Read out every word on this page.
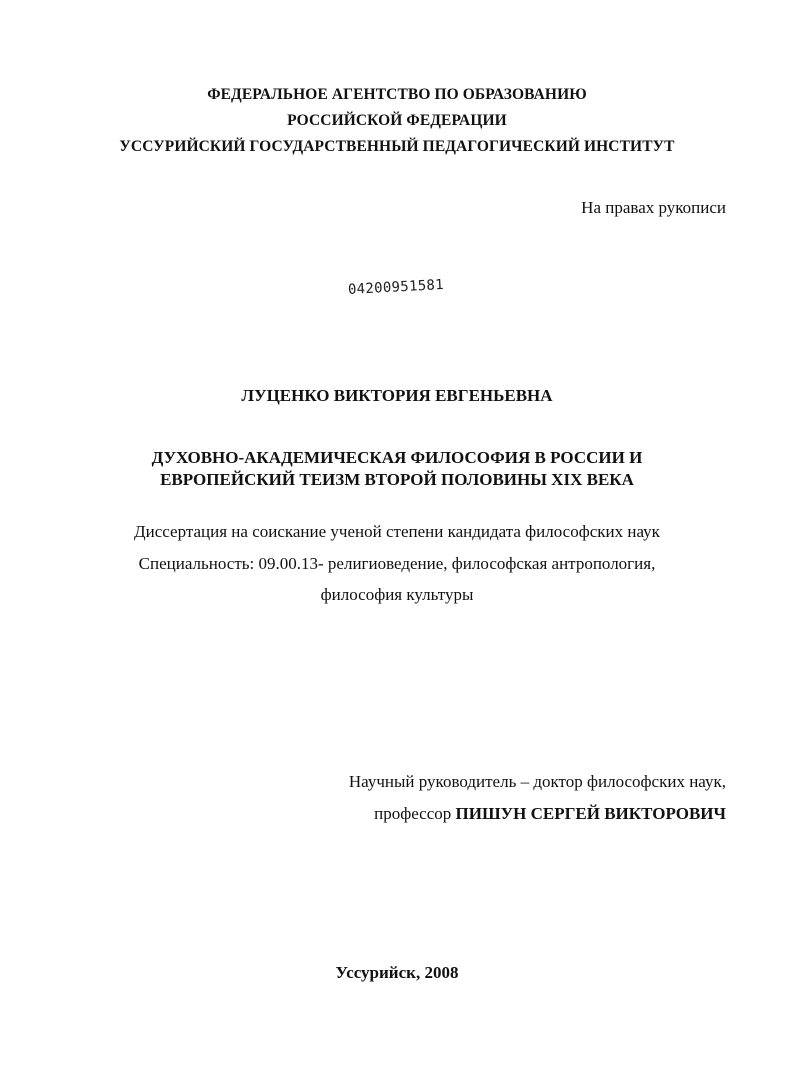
ФЕДЕРАЛЬНОЕ АГЕНТСТВО ПО ОБРАЗОВАНИЮ
РОССИЙСКОЙ ФЕДЕРАЦИИ
УССУРИЙСКИЙ ГОСУДАРСТВЕННЫЙ ПЕДАГОГИЧЕСКИЙ ИНСТИТУТ
На правах рукописи
04200951581
ЛУЦЕНКО ВИКТОРИЯ ЕВГЕНЬЕВНА
ДУХОВНО-АКАДЕМИЧЕСКАЯ ФИЛОСОФИЯ В РОССИИ И
ЕВРОПЕЙСКИЙ ТЕИЗМ ВТОРОЙ ПОЛОВИНЫ XIX ВЕКА
Диссертация на соискание ученой степени кандидата философских наук
Специальность: 09.00.13- религиоведение, философская антропология,
философия культуры
Научный руководитель – доктор философских наук,
профессор ПИШУН СЕРГЕЙ ВИКТОРОВИЧ
Уссурийск, 2008
